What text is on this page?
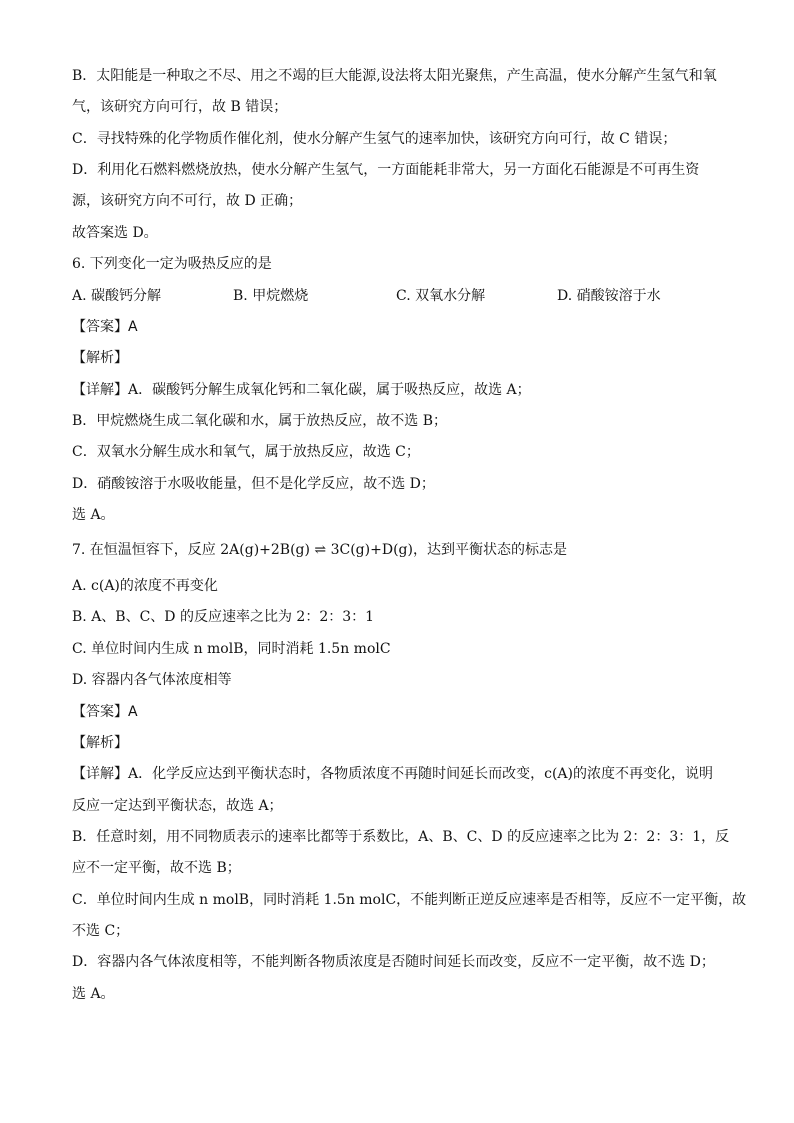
B．太阳能是一种取之不尽、用之不竭的巨大能源,设法将太阳光聚焦，产生高温，使水分解产生氢气和氧
气，该研究方向可行，故 B 错误；
C．寻找特殊的化学物质作催化剂，使水分解产生氢气的速率加快，该研究方向可行，故 C 错误；
D．利用化石燃料燃烧放热，使水分解产生氢气，一方面能耗非常大，另一方面化石能源是不可再生资
源，该研究方向不可行，故 D 正确；
故答案选 D。
6. 下列变化一定为吸热反应的是
A. 碳酸钙分解	B. 甲烷燃烧	C. 双氧水分解	D. 硝酸铵溶于水
【答案】A
【解析】
【详解】A．碳酸钙分解生成氧化钙和二氧化碳，属于吸热反应，故选 A；
B．甲烷燃烧生成二氧化碳和水，属于放热反应，故不选 B；
C．双氧水分解生成水和氧气，属于放热反应，故选 C；
D．硝酸铵溶于水吸收能量，但不是化学反应，故不选 D；
选 A。
7. 在恒温恒容下，反应 2A(g)+2B(g) ⇌ 3C(g)+D(g)，达到平衡状态的标志是
A. c(A)的浓度不再变化
B. A、B、C、D 的反应速率之比为 2：2：3：1
C. 单位时间内生成 n molB，同时消耗 1.5n molC
D. 容器内各气体浓度相等
【答案】A
【解析】
【详解】A．化学反应达到平衡状态时，各物质浓度不再随时间延长而改变，c(A)的浓度不再变化，说明
反应一定达到平衡状态，故选 A；
B．任意时刻，用不同物质表示的速率比都等于系数比，A、B、C、D 的反应速率之比为 2：2：3：1，反
应不一定平衡，故不选 B；
C．单位时间内生成 n molB，同时消耗 1.5n molC，不能判断正逆反应速率是否相等，反应不一定平衡，故
不选 C；
D．容器内各气体浓度相等，不能判断各物质浓度是否随时间延长而改变，反应不一定平衡，故不选 D；
选 A。
